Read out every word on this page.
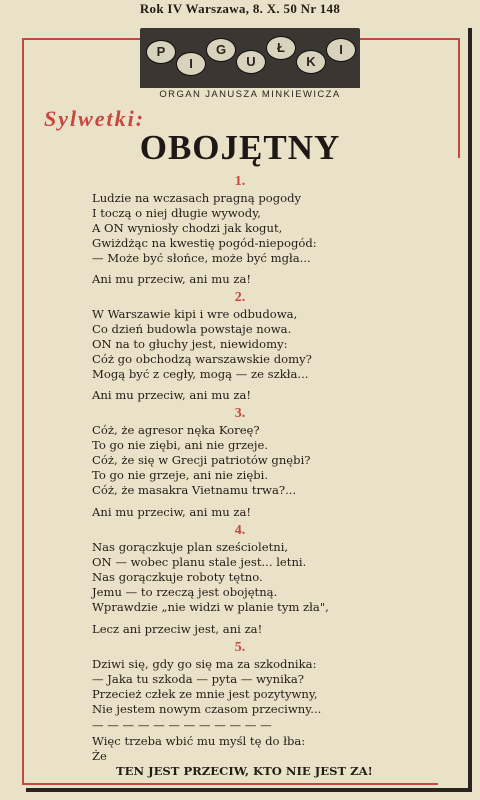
Rok IV Warszawa, 8. X. 50 Nr 148
P
I
G
U
Ł
K
I
ORGAN JANUSZA MINKIEWICZA
Sylwetki:
OBOJĘTNY
1.
Ludzie na wczasach pragną pogody
I toczą o niej długie wywody,
A ON wyniosły chodzi jak kogut,
Gwiżdżąc na kwestię pogód-niepogód:
— Może być słońce, może być mgła...
Ani mu przeciw, ani mu za!
2.
W Warszawie kipi i wre odbudowa,
Co dzień budowla powstaje nowa.
ON na to głuchy jest, niewidomy:
Cóż go obchodzą warszawskie domy?
Mogą być z cegły, mogą — ze szkła...
Ani mu przeciw, ani mu za!
3.
Cóż, że agresor nęka Koreę?
To go nie ziębi, ani nie grzeje.
Cóż, że się w Grecji patriotów gnębi?
To go nie grzeje, ani nie ziębi.
Cóż, że masakra Vietnamu trwa?...
Ani mu przeciw, ani mu za!
4.
Nas gorączkuje plan sześcioletni,
ON — wobec planu stale jest... letni.
Nas gorączkuje roboty tętno.
Jemu — to rzeczą jest obojętną.
Wprawdzie „nie widzi w planie tym zła",
Lecz ani przeciw jest, ani za!
5.
Dziwi się, gdy go się ma za szkodnika:
— Jaka tu szkoda — pyta — wynika?
Przecież człek ze mnie jest pozytywny,
Nie jestem nowym czasom przeciwny...
— — — — — — — — — — — —
Więc trzeba wbić mu myśl tę do łba:
Że
TEN JEST PRZECIW, KTO NIE JEST ZA!
